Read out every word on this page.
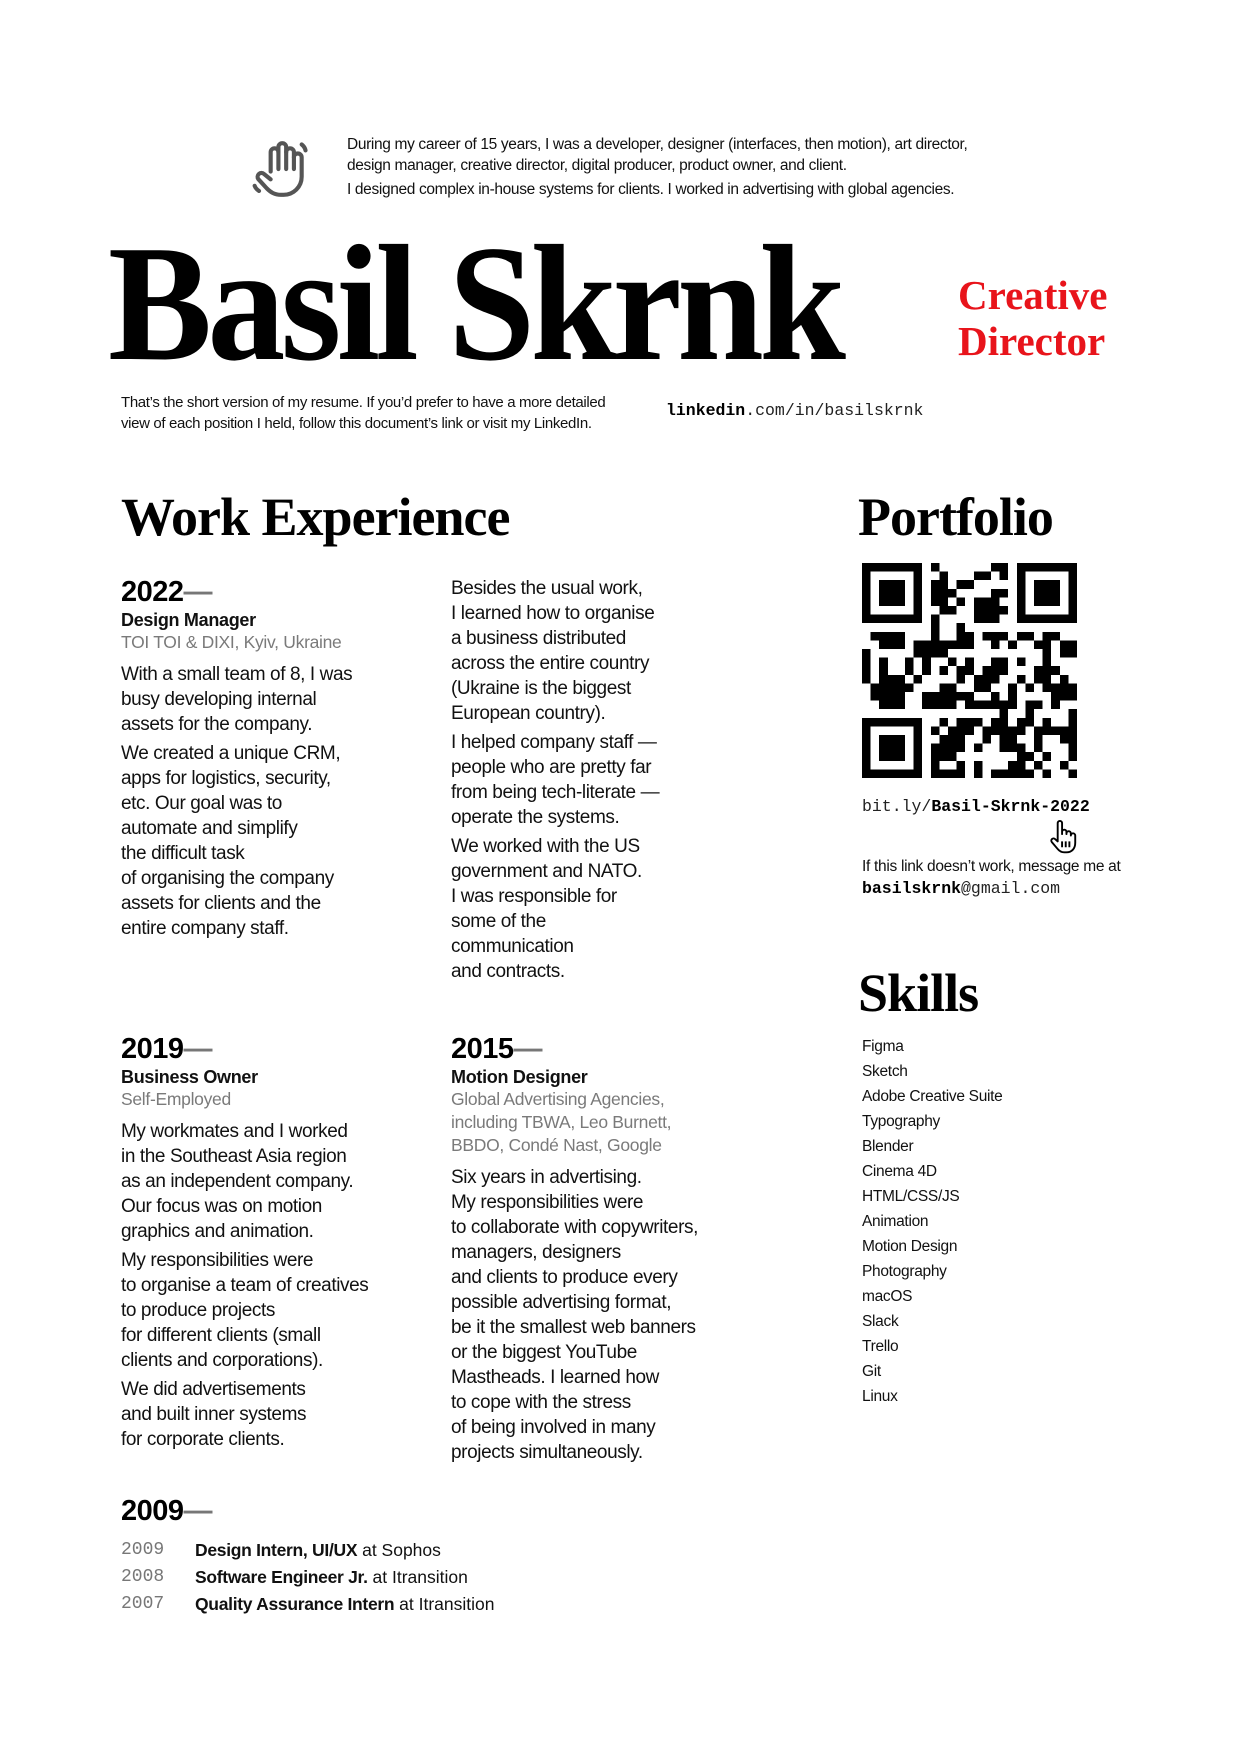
During my career of 15 years, I was a developer, designer (interfaces, then motion), art director,
design manager, creative director, digital producer, product owner, and client.

I designed complex in-house systems for clients. I worked in advertising with global agencies.

Basil Skrnk	Creative
Director
That’s the short version of my resume. If you’d prefer to have a more detailed
view of each position I held, follow this document’s link or visit my LinkedIn.
linkedin.com/in/basilskrnk
Work Experience
2022—
Design Manager
TOI TOI & DIXI, Kyiv, Ukraine

With a small team of 8, I was
busy developing internal
assets for the company.

We created a unique CRM,
apps for logistics, security,
etc. Our goal was to
automate and simplify
the difficult task
of organising the company
assets for clients and the
entire company staff.

Besides the usual work,
I learned how to organise
a business distributed
across the entire country
(Ukraine is the biggest
European country).

I helped company staff —
people who are pretty far
from being tech-literate —
operate the systems.

We worked with the US
government and NATO.
I was responsible for
some of the
communication
and contracts.

2019—
Business Owner
Self-Employed

My workmates and I worked
in the Southeast Asia region
as an independent company.
Our focus was on motion
graphics and animation.

My responsibilities were
to organise a team of creatives
to produce projects
for different clients (small
clients and corporations).

We did advertisements
and built inner systems
for corporate clients.

2015—
Motion Designer
Global Advertising Agencies,
including TBWA, Leo Burnett,
BBDO, Condé Nast, Google

Six years in advertising.
My responsibilities were
to collaborate with copywriters,
managers, designers
and clients to produce every
possible advertising format,
be it the smallest web banners
or the biggest YouTube
Mastheads. I learned how
to cope with the stress
of being involved in many
projects simultaneously.

2009—
2009	Design Intern, UI/UX at Sophos
2008	Software Engineer Jr. at Itransition
2007	Quality Assurance Intern at Itransition
Portfolio
bit.ly/Basil-Skrnk-2022
If this link doesn’t work, message me at
basilskrnk@gmail.com
Skills
Figma
Sketch
Adobe Creative Suite
Typography
Blender
Cinema 4D
HTML/CSS/JS
Animation
Motion Design
Photography
macOS
Slack
Trello
Git
Linux
